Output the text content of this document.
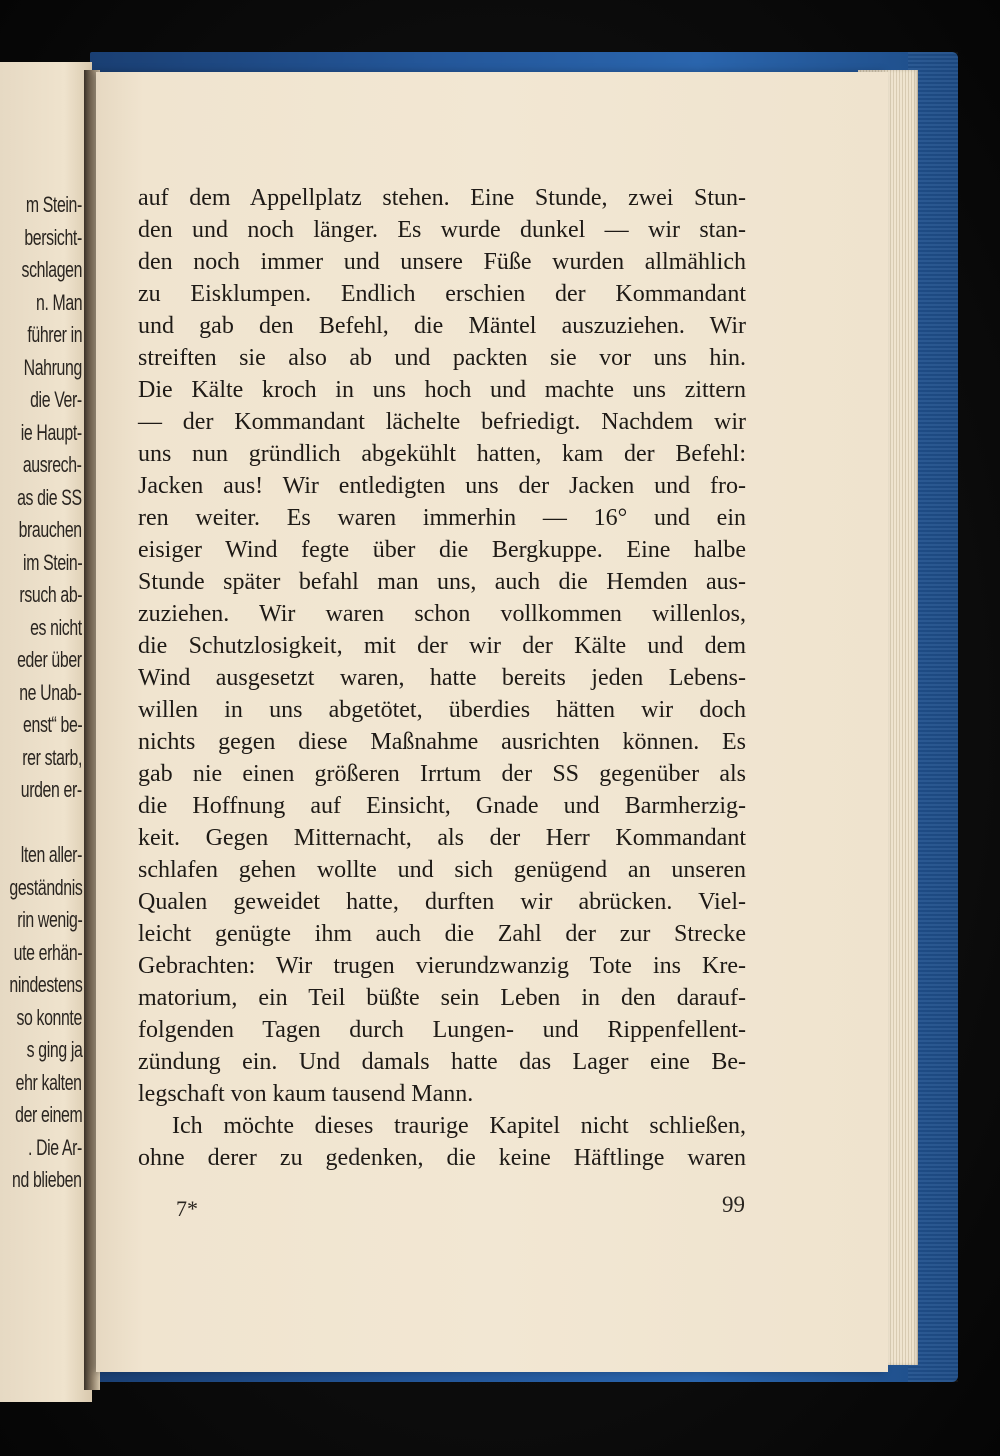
m Stein-
bersicht-
schlagen
n. Man
führer in
Nahrung
die Ver-
ie Haupt-
ausrech-
as die SS
brauchen
im Stein-
rsuch ab-
es nicht
eder über
ne Unab-
enst“ be-
rer starb,
urden er-
lten aller-
geständnis
rin wenig-
ute erhän-
nindestens
so konnte
s ging ja
ehr kalten
der einem
. Die Ar-
nd blieben
auf dem Appellplatz stehen. Eine Stunde, zwei Stun-
den und noch länger. Es wurde dunkel — wir stan-
den noch immer und unsere Füße wurden allmählich
zu Eisklumpen. Endlich erschien der Kommandant
und gab den Befehl, die Mäntel auszuziehen. Wir
streiften sie also ab und packten sie vor uns hin.
Die Kälte kroch in uns hoch und machte uns zittern
— der Kommandant lächelte befriedigt. Nachdem wir
uns nun gründlich abgekühlt hatten, kam der Befehl:
Jacken aus! Wir entledigten uns der Jacken und fro-
ren weiter. Es waren immerhin — 16° und ein
eisiger Wind fegte über die Bergkuppe. Eine halbe
Stunde später befahl man uns, auch die Hemden aus-
zuziehen. Wir waren schon vollkommen willenlos,
die Schutzlosigkeit, mit der wir der Kälte und dem
Wind ausgesetzt waren, hatte bereits jeden Lebens-
willen in uns abgetötet, überdies hätten wir doch
nichts gegen diese Maßnahme ausrichten können. Es
gab nie einen größeren Irrtum der SS gegenüber als
die Hoffnung auf Einsicht, Gnade und Barmherzig-
keit. Gegen Mitternacht, als der Herr Kommandant
schlafen gehen wollte und sich genügend an unseren
Qualen geweidet hatte, durften wir abrücken. Viel-
leicht genügte ihm auch die Zahl der zur Strecke
Gebrachten: Wir trugen vierundzwanzig Tote ins Kre-
matorium, ein Teil büßte sein Leben in den darauf-
folgenden Tagen durch Lungen- und Rippenfellent-
zündung ein. Und damals hatte das Lager eine Be-
legschaft von kaum tausend Mann.
Ich möchte dieses traurige Kapitel nicht schließen,
ohne derer zu gedenken, die keine Häftlinge waren
7*	99
